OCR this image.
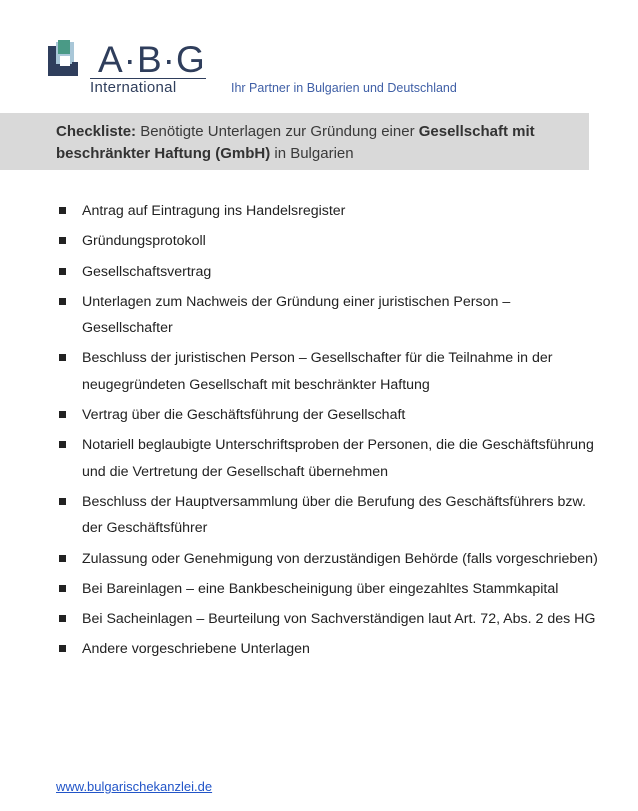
A·B·G
International	Ihr Partner in Bulgarien und Deutschland
Checkliste: Benötigte Unterlagen zur Gründung einer Gesellschaft mit beschränkter Haftung (GmbH) in Bulgarien
Antrag auf Eintragung ins Handelsregister
Gründungsprotokoll
Gesellschaftsvertrag
Unterlagen zum Nachweis der Gründung einer juristischen Person – Gesellschafter
Beschluss der juristischen Person – Gesellschafter für die Teilnahme in der neugegründeten Gesellschaft mit beschränkter Haftung
Vertrag über die Geschäftsführung der Gesellschaft
Notariell beglaubigte Unterschriftsproben der Personen, die die Geschäftsführung und die Vertretung der Gesellschaft übernehmen
Beschluss der Hauptversammlung über die Berufung des Geschäftsführers bzw. der Geschäftsführer
Zulassung oder Genehmigung von derzuständigen Behörde (falls vorgeschrieben)
Bei Bareinlagen – eine Bankbescheinigung über eingezahltes Stammkapital
Bei Sacheinlagen – Beurteilung von Sachverständigen laut Art. 72, Abs. 2 des HG
Andere vorgeschriebene Unterlagen
www.bulgarischekanzlei.de
